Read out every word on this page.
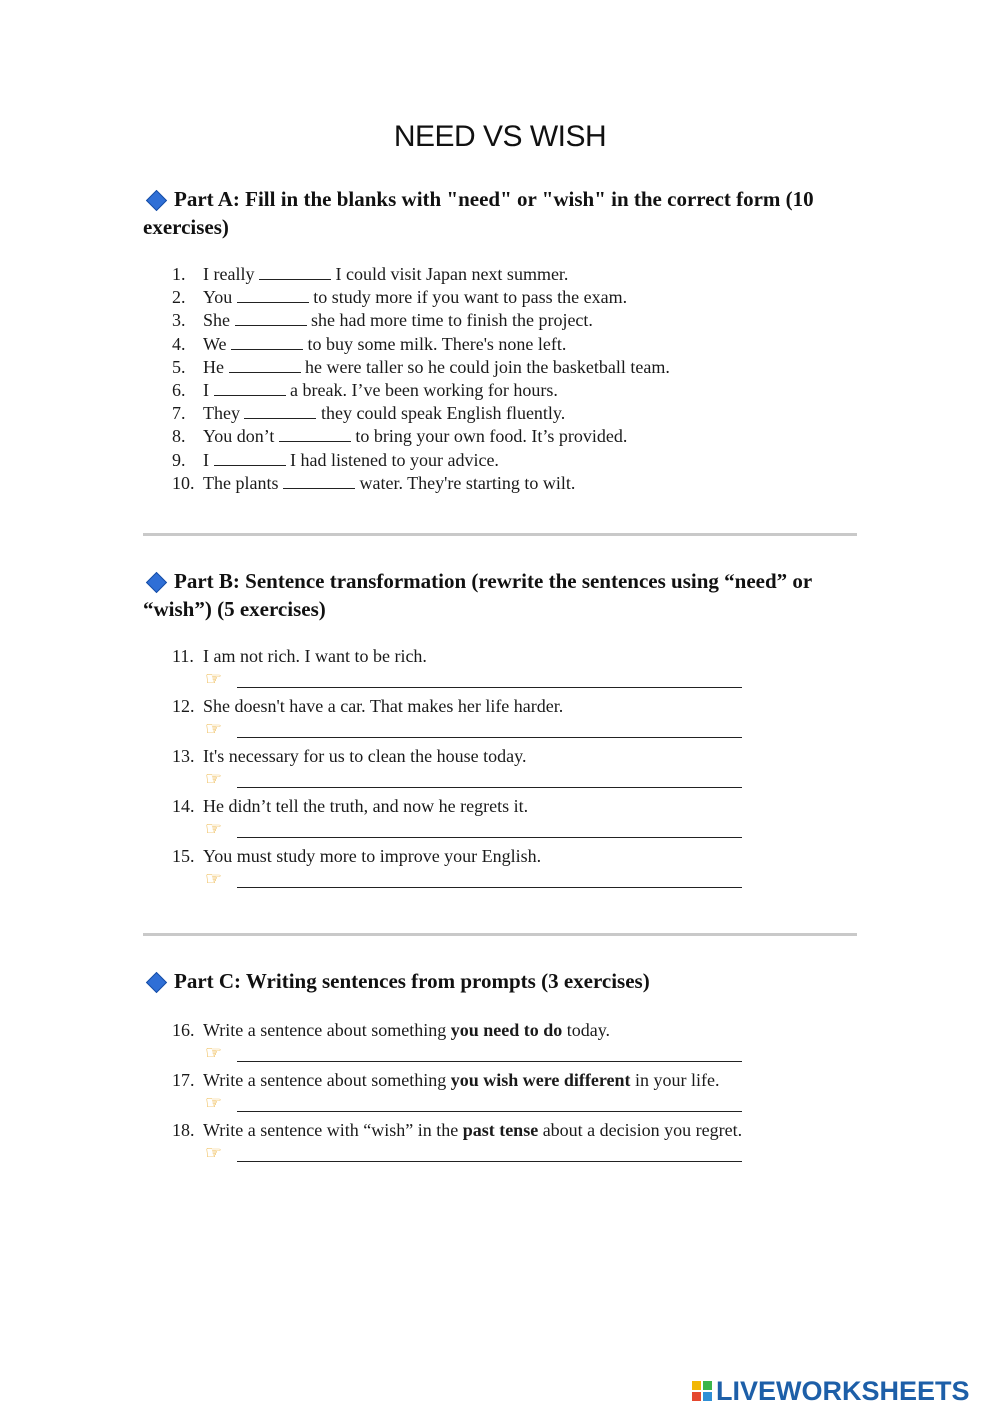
NEED VS WISH
Part A: Fill in the blanks with "need" or "wish" in the correct form (10 exercises)
1. I really	I could visit Japan next summer.
2. You	to study more if you want to pass the exam.
3. She	she had more time to finish the project.
4. We	to buy some milk. There's none left.
5. He	he were taller so he could join the basketball team.
6. I	a break. I’ve been working for hours.
7. They	they could speak English fluently.
8. You don’t	to bring your own food. It’s provided.
9. I	I had listened to your advice.
10. The plants	water. They're starting to wilt.
Part B: Sentence transformation (rewrite the sentences using “need” or “wish”) (5 exercises)
11. I am not rich. I want to be rich.
☞
12. She doesn't have a car. That makes her life harder.
☞
13. It's necessary for us to clean the house today.
☞
14. He didn’t tell the truth, and now he regrets it.
☞
15. You must study more to improve your English.
☞
Part C: Writing sentences from prompts (3 exercises)
16. Write a sentence about something you need to do today.
☞
17. Write a sentence about something you wish were different in your life.
☞
18. Write a sentence with “wish” in the past tense about a decision you regret.
☞
LIVEWORKSHEETS
